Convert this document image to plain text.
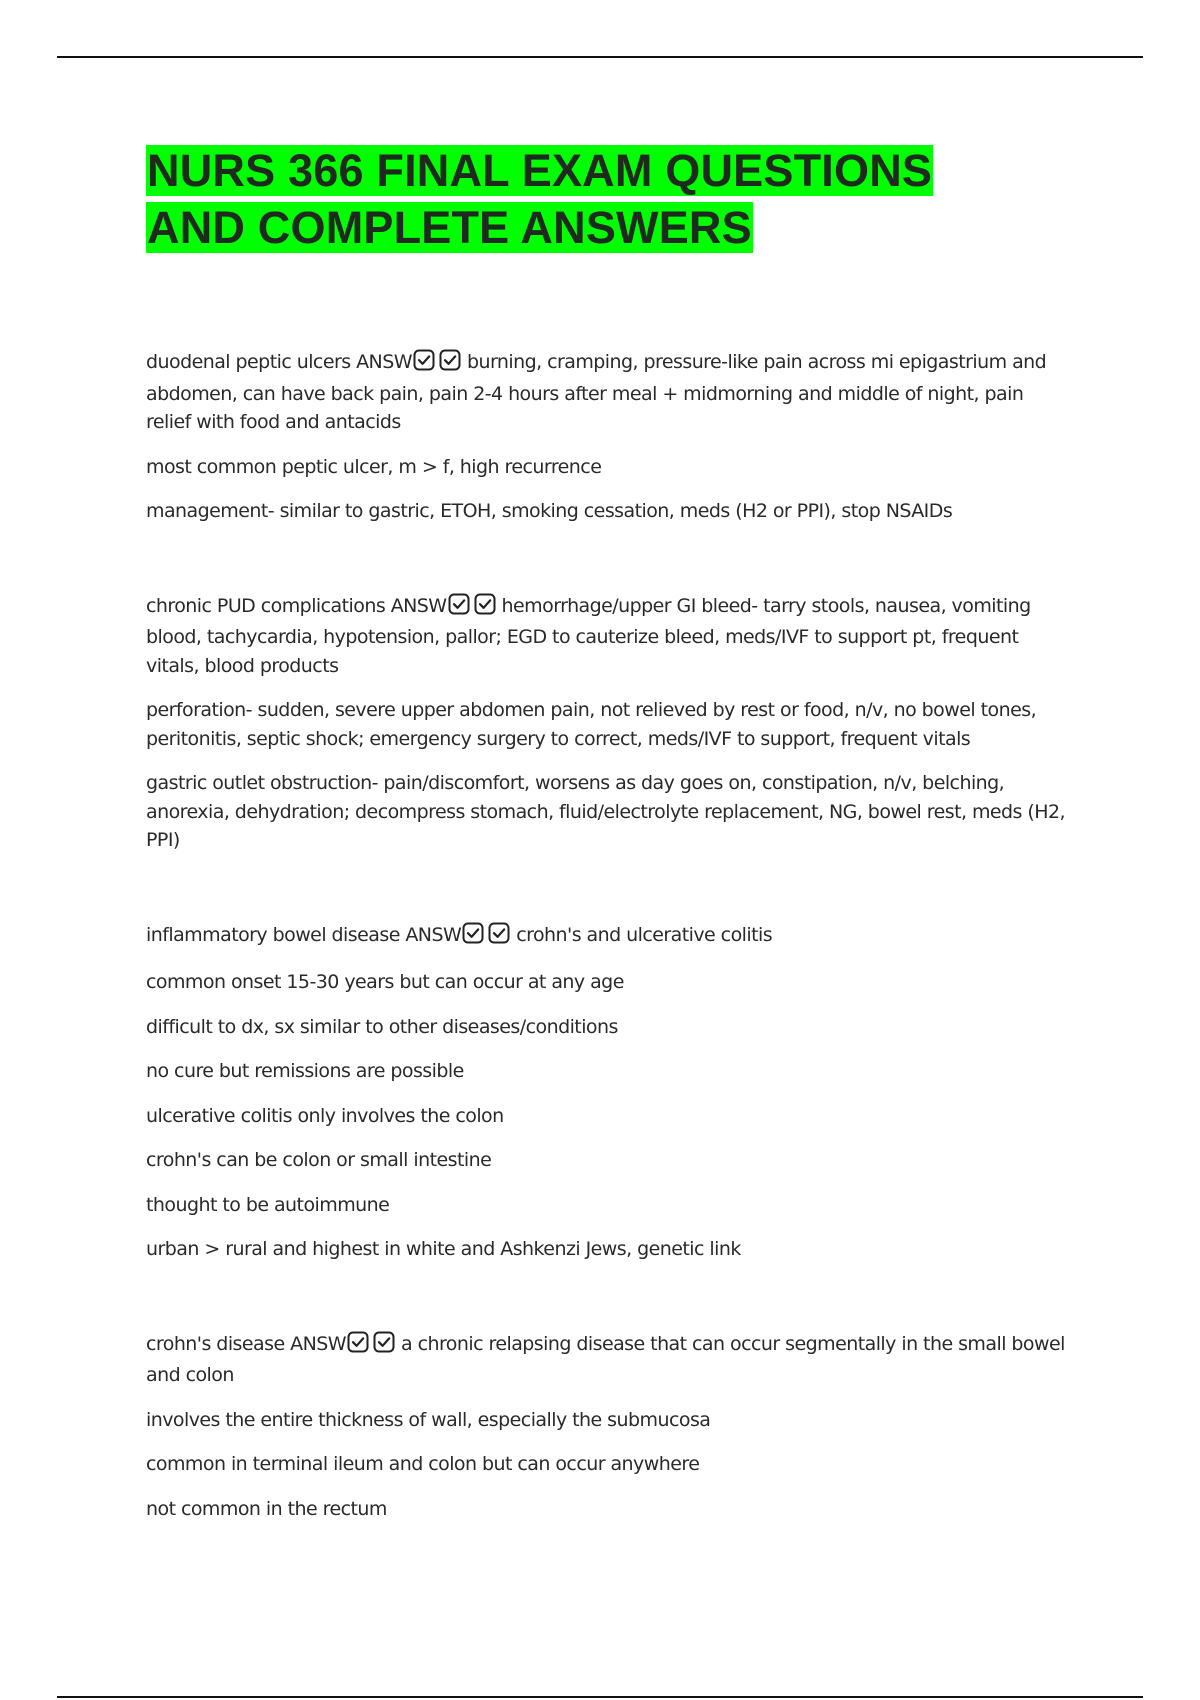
NURS 366 FINAL EXAM QUESTIONS
AND COMPLETE ANSWERS

duodenal peptic ulcers ANSW	burning, cramping, pressure-like pain across mi epigastrium and abdomen, can have back pain, pain 2-4 hours after meal + midmorning and middle of night, pain relief with food and antacids

most common peptic ulcer, m > f, high recurrence

management- similar to gastric, ETOH, smoking cessation, meds (H2 or PPI), stop NSAIDs

chronic PUD complications ANSW	hemorrhage/upper GI bleed- tarry stools, nausea, vomiting blood, tachycardia, hypotension, pallor; EGD to cauterize bleed, meds/IVF to support pt, frequent vitals, blood products

perforation- sudden, severe upper abdomen pain, not relieved by rest or food, n/v, no bowel tones, peritonitis, septic shock; emergency surgery to correct, meds/IVF to support, frequent vitals

gastric outlet obstruction- pain/discomfort, worsens as day goes on, constipation, n/v, belching, anorexia, dehydration; decompress stomach, fluid/electrolyte replacement, NG, bowel rest, meds (H2, PPI)

inflammatory bowel disease ANSW	crohn's and ulcerative colitis

common onset 15-30 years but can occur at any age

difficult to dx, sx similar to other diseases/conditions

no cure but remissions are possible

ulcerative colitis only involves the colon

crohn's can be colon or small intestine

thought to be autoimmune

urban > rural and highest in white and Ashkenzi Jews, genetic link

crohn's disease ANSW	a chronic relapsing disease that can occur segmentally in the small bowel and colon

involves the entire thickness of wall, especially the submucosa

common in terminal ileum and colon but can occur anywhere

not common in the rectum
